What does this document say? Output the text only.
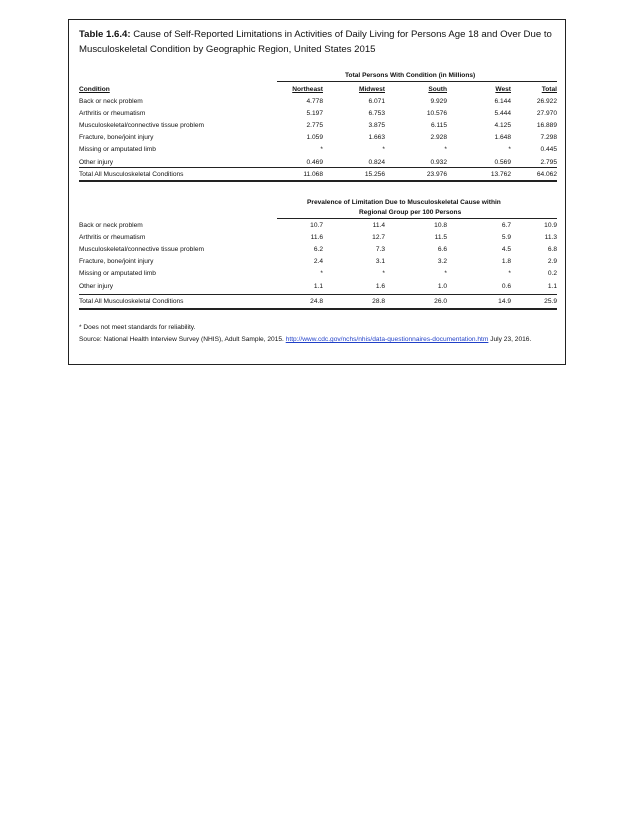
Table 1.6.4: Cause of Self-Reported Limitations in Activities of Daily Living for Persons Age 18 and Over Due to Musculoskeletal Condition by Geographic Region, United States 2015
Total Persons With Condition (in Millions)
Condition	Northeast	Midwest	South	West	Total
Back or neck problem	4.778	6.071	9.929	6.144	26.922
Arthritis or rheumatism	5.197	6.753	10.576	5.444	27.970
Musculoskeletal/connective tissue problem	2.775	3.875	6.115	4.125	16.889
Fracture, bone/joint injury	1.059	1.663	2.928	1.648	7.298
Missing or amputated limb	*	*	*	*	0.445
Other injury	0.469	0.824	0.932	0.569	2.795
Total All Musculoskeletal Conditions	11.068	15.256	23.976	13.762	64.062
Prevalence of Limitation Due to Musculoskeletal Cause within
Regional Group per 100 Persons
Back or neck problem	10.7	11.4	10.8	6.7	10.9
Arthritis or rheumatism	11.6	12.7	11.5	5.9	11.3
Musculoskeletal/connective tissue problem	6.2	7.3	6.6	4.5	6.8
Fracture, bone/joint injury	2.4	3.1	3.2	1.8	2.9
Missing or amputated limb	*	*	*	*	0.2
Other injury	1.1	1.6	1.0	0.6	1.1
Total All Musculoskeletal Conditions	24.8	28.8	26.0	14.9	25.9
* Does not meet standards for reliability.
Source: National Health Interview Survey (NHIS), Adult Sample, 2015. http://www.cdc.gov/nchs/nhis/data-questionnaires-documentation.htm July 23, 2016.
